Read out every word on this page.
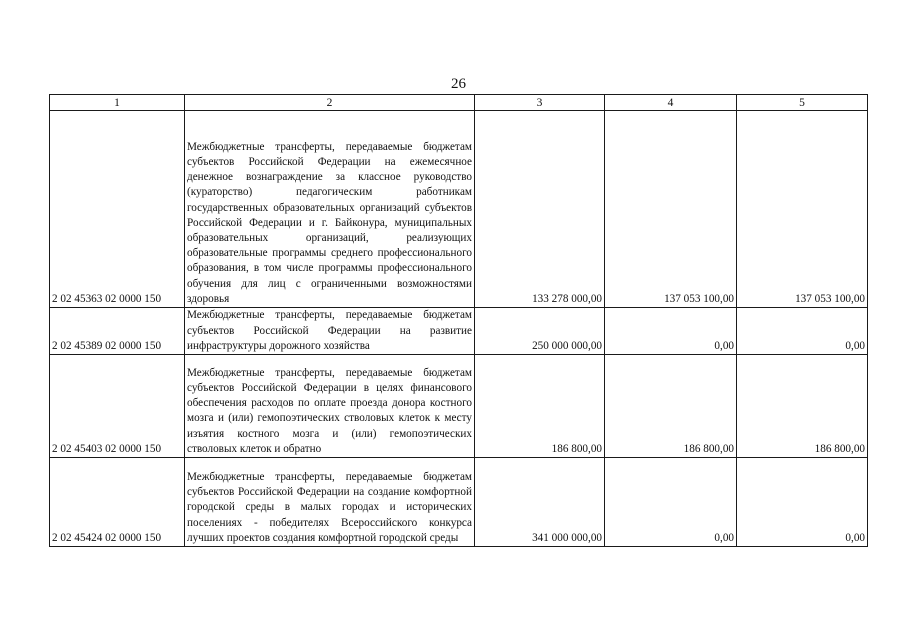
26
1	2	3	4	5
2 02 45363 02 0000 150	Межбюджетные трансферты, передаваемые бюджетам субъектов Российской Федерации на ежемесячное денежное вознаграждение за классное руководство (кураторство) педагогическим работникам государственных образовательных организаций субъектов Российской Федерации и г. Байконура, муниципальных образовательных организаций, реализующих образовательные программы среднего профессионального образования, в том числе программы профессионального обучения для лиц с ограниченными возможностями здоровья	133 278 000,00	137 053 100,00	137 053 100,00
2 02 45389 02 0000 150	Межбюджетные трансферты, передаваемые бюджетам субъектов Российской Федерации на развитие инфраструктуры дорожного хозяйства	250 000 000,00	0,00	0,00
2 02 45403 02 0000 150	Межбюджетные трансферты, передаваемые бюджетам субъектов Российской Федерации в целях финансового обеспечения расходов по оплате проезда донора костного мозга и (или) гемопоэтических стволовых клеток к месту изъятия костного мозга и (или) гемопоэтических стволовых клеток и обратно	186 800,00	186 800,00	186 800,00
2 02 45424 02 0000 150	Межбюджетные трансферты, передаваемые бюджетам субъектов Российской Федерации на создание комфортной городской среды в малых городах и исторических поселениях - победителях Всероссийского конкурса лучших проектов создания комфортной городской среды	341 000 000,00	0,00	0,00
